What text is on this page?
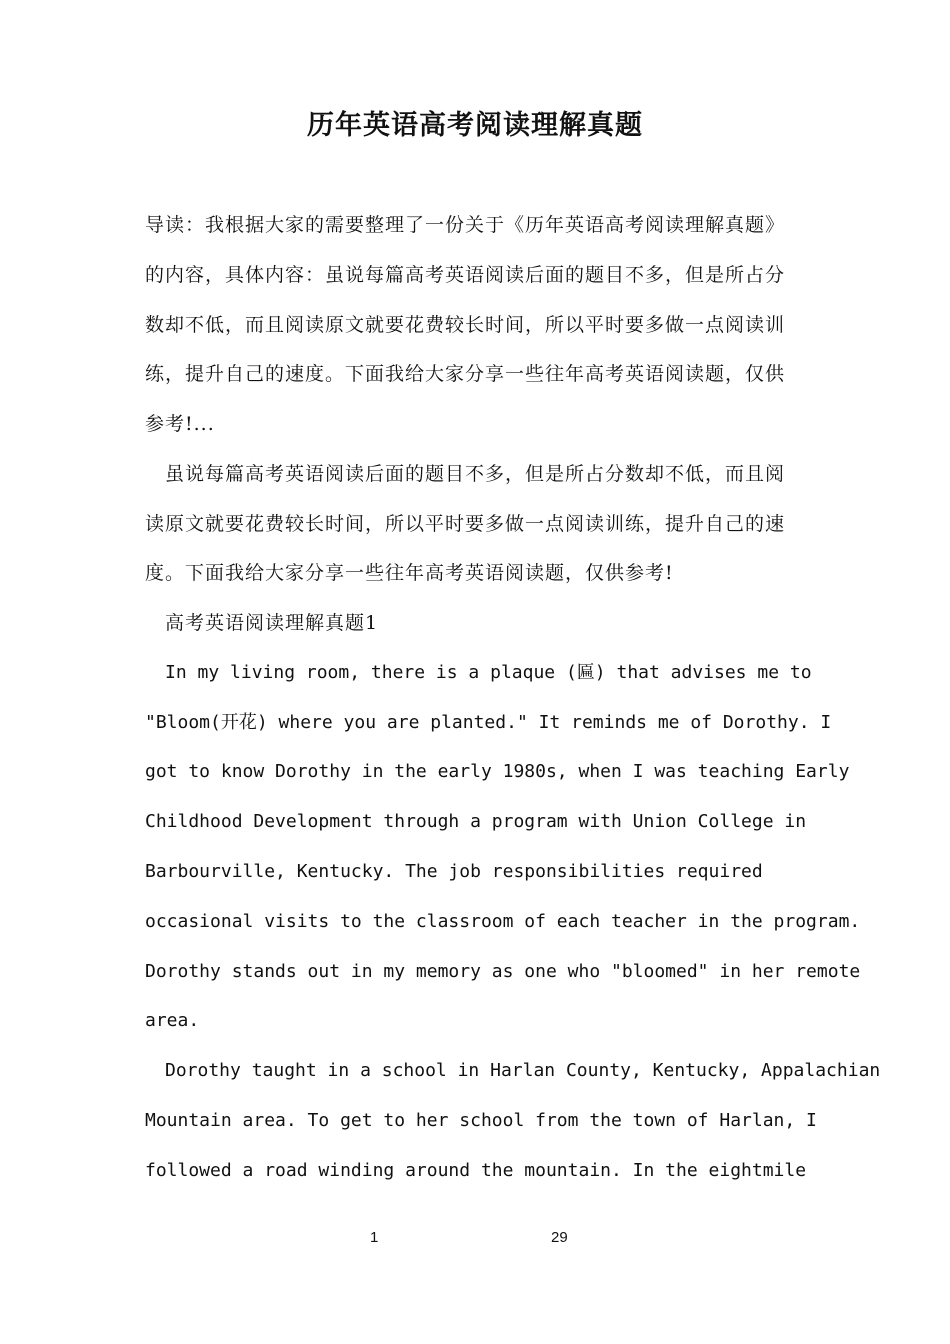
历年英语高考阅读理解真题
导读：我根据大家的需要整理了一份关于《历年英语高考阅读理解真题》
的内容，具体内容：虽说每篇高考英语阅读后面的题目不多，但是所占分
数却不低，而且阅读原文就要花费较长时间，所以平时要多做一点阅读训
练，提升自己的速度。下面我给大家分享一些往年高考英语阅读题，仅供
参考!...
虽说每篇高考英语阅读后面的题目不多，但是所占分数却不低，而且阅
读原文就要花费较长时间，所以平时要多做一点阅读训练，提升自己的速
度。下面我给大家分享一些往年高考英语阅读题，仅供参考!
高考英语阅读理解真题1
In my living room, there is a plaque (匾) that advises me to
"Bloom(开花) where you are planted." It reminds me of Dorothy. I
got to know Dorothy in the early 1980s, when I was teaching Early
Childhood Development through a program with Union College in
Barbourville, Kentucky. The job responsibilities required
occasional visits to the classroom of each teacher in the program.
Dorothy stands out in my memory as one who "bloomed" in her remote
area.
Dorothy taught in a school in Harlan County, Kentucky, Appalachian
Mountain area. To get to her school from the town of Harlan, I
followed a road winding around the mountain. In the eightmile
1	29
